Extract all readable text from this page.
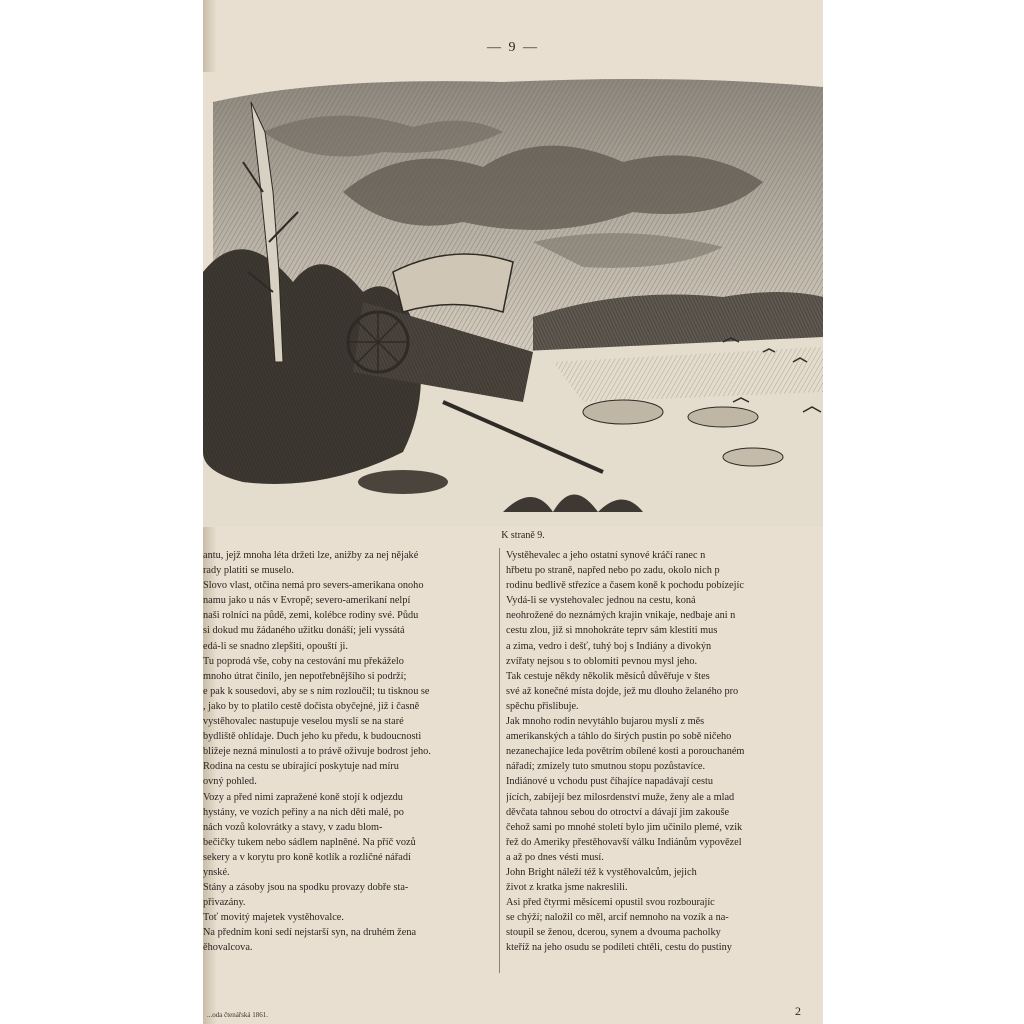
— 9 —
K straně 9.
antu, jejž mnoha léta držeti lze, anižby za nej nějaké
rady platiti se muselo.
Slovo vlast, otčina nemá pro severs-amerikana onoho
namu jako u nás v Evropě; severo-amerikaní nelpí
naši rolníci na půdě, zemi, kolébce rodiny své. Půdu
si dokud mu žádaného užitku donáší; jeli vyssátá
edá-li se snadno zlepšiti, opouští ji.
Tu poprodá vše, coby na cestování mu překáželo
mnoho útrat činilo, jen nepotřebnějšího si podrží;
e pak k sousedovi, aby se s ním rozloučil; tu tisknou se
, jako by to platilo cestě dočista obyčejné, již i časně
vystěhovalec nastupuje veselou myslí se na staré
bydliště ohlídaje. Duch jeho ku předu, k budoucnosti
bližeje nezná minulosti a to právě oživuje bodrost jeho.
Rodina na cestu se ubírající poskytuje nad míru
ovný pohled.
Vozy a před nimi zapražené koně stojí k odjezdu
hystány, ve vozích peřiny a na nich děti malé, po
nách vozů kolovrátky a stavy, v zadu blom-
bečičky tukem nebo sádlem naplněné. Na příč vozů
sekery a v korytu pro koně kotlík a rozličné nářadí
ynské.
Stány a zásoby jsou na spodku provazy dobře sta-
přivazány.
Toť movitý majetek vystěhovalce.
Na předním koni sedí nejstarší syn, na druhém žena
ěhovalcova.
Vystěhevalec a jeho ostatní synové kráčí ranec n
hřbetu po straně, napřed nebo po zadu, okolo nich p
rodinu bedlivě střezíce a časem koně k pochodu pobízejíc
Vydá-li se vystehovalec jednou na cestu, koná
neohrožené do neznámých krajin vnikaje, nedbaje ani n
cestu zlou, již si mnohokráte teprv sám klestiti mus
a zima, vedro i dešť, tuhý boj s Indiány a divokýn
zvířaty nejsou s to oblomiti pevnou mysl jeho.
Tak cestuje někdy několik měsíců důvěřuje v štes
své až konečné místa dojde, jež mu dlouho želaného pro
spěchu přislibuje.
Jak mnoho rodin nevytáhlo bujarou myslí z měs
amerikanských a táhlo do širých pustin po sobě ničeho
nezanechajíce leda povětrím obílené kosti a porouchaném
nářadí; zmizely tuto smutnou stopu pozůstavíce.
Indiánové u vchodu pust číhajíce napadávají cestu
jících, zabíjejí bez milosrdenství muže, ženy ale a mlad
děvčata tahnou sebou do otroctví a dávají jim zakouše
čehož sami po mnohé století bylo jim učinilo plemé, vzik
řež do Ameriky přestěhovavší válku Indiánům vypovězel
a až po dnes vésti musí.
John Bright náleží též k vystěhovalcům, jejich
život z kratka jsme nakreslili.
Asi před čtyrmi měsícemi opustil svou rozbourajíc
se chýží; naložil co měl, arcif nemnoho na vozík a na-
stoupil se ženou, dcerou, synem a dvouma pacholky
kteříž na jeho osudu se podíleti chtěli, cestu do pustiny
...oda čtenářská 1861.	2
